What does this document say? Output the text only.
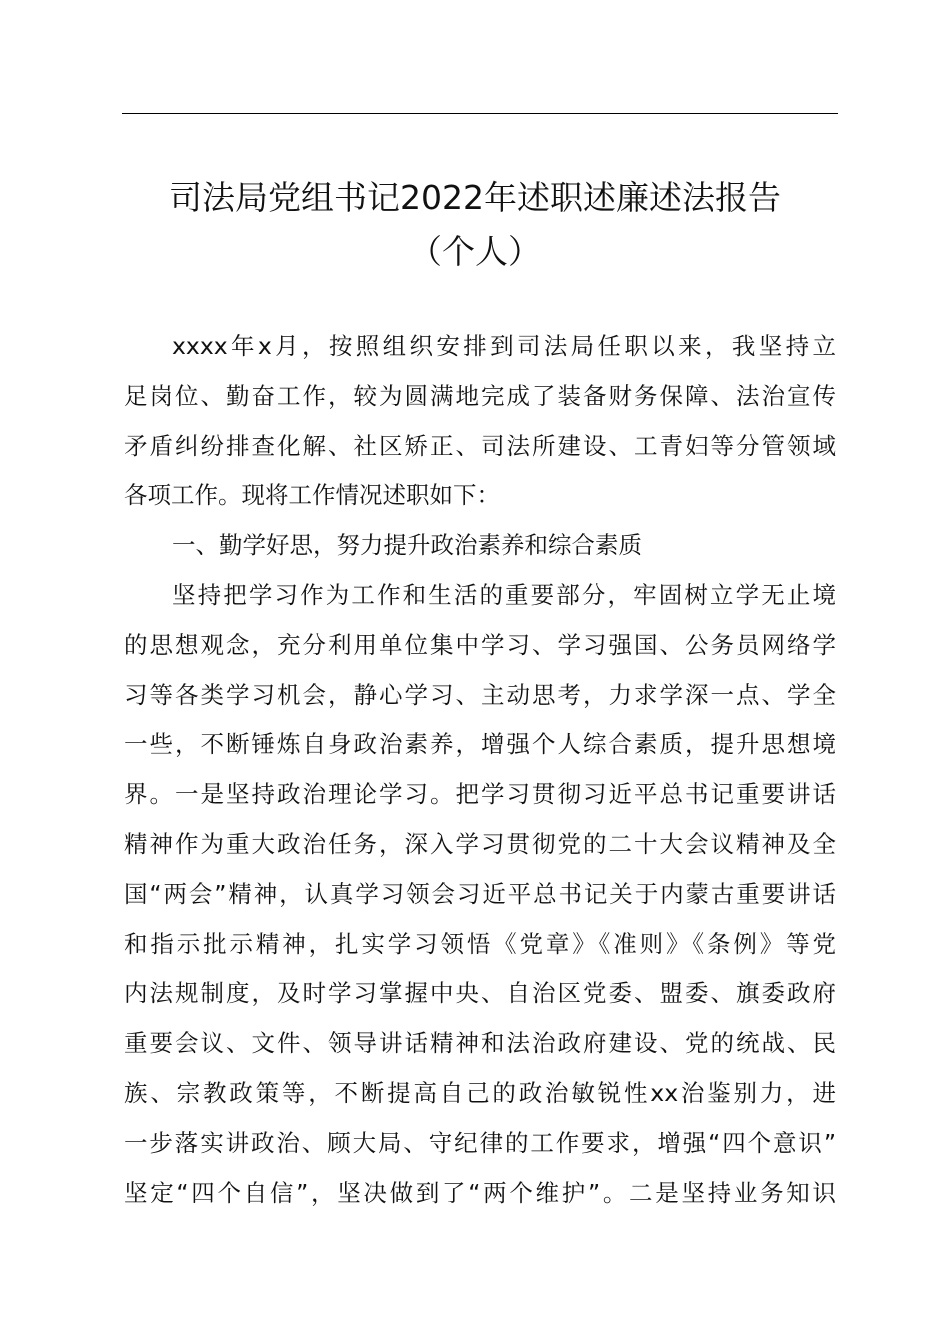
司法局党组书记2022年述职述廉述法报告
（个人）
xxxx年x月，按照组织安排到司法局任职以来，我坚持立
足岗位、勤奋工作，较为圆满地完成了装备财务保障、法治宣传
矛盾纠纷排查化解、社区矫正、司法所建设、工青妇等分管领域
各项工作。现将工作情况述职如下：
一、勤学好思，努力提升政治素养和综合素质
坚持把学习作为工作和生活的重要部分，牢固树立学无止境
的思想观念，充分利用单位集中学习、学习强国、公务员网络学
习等各类学习机会，静心学习、主动思考，力求学深一点、学全
一些，不断锤炼自身政治素养，增强个人综合素质，提升思想境
界。一是坚持政治理论学习。把学习贯彻习近平总书记重要讲话
精神作为重大政治任务，深入学习贯彻党的二十大会议精神及全
国“两会”精神，认真学习领会习近平总书记关于内蒙古重要讲话
和指示批示精神，扎实学习领悟《党章》《准则》《条例》等党
内法规制度，及时学习掌握中央、自治区党委、盟委、旗委政府
重要会议、文件、领导讲话精神和法治政府建设、党的统战、民
族、宗教政策等，不断提高自己的政治敏锐性xx治鉴别力，进
一步落实讲政治、顾大局、守纪律的工作要求，增强“四个意识”
坚定“四个自信”，坚决做到了“两个维护”。二是坚持业务知识
